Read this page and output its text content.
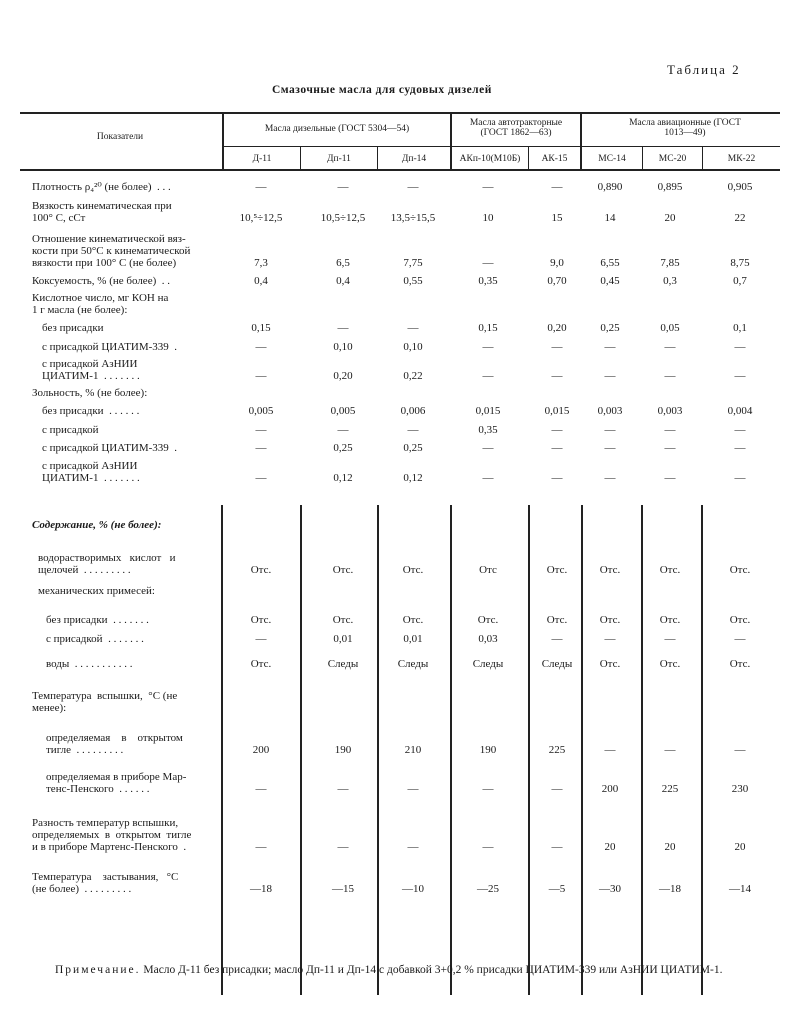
Таблица 2
Смазочные масла для судовых дизелей
Показатели
Масла дизельные (ГОСТ 5304—54)
Масла автотракторные (ГОСТ 1862—63)
Масла авиационные (ГОСТ 1013—49)
Д-11	Дп-11	Дп-14	АКп-10(М10Б)	АК-15	МС-14	МС-20	МК-22
Плотность ρ₄²⁰ (не более)  . . .	—	—	—	—	—	0,890	0,895	0,905
Вязкость кинематическая при
100° С, сСт	10,⁵÷12,5	10,5÷12,5	13,5÷15,5	10	15	14	20	22
Отношение кинематической вяз-
кости при 50°С к кинематической
вязкости при 100° С (не более)	7,3	6,5	7,75	—	9,0	6,55	7,85	8,75
Коксуемость, % (не более)  . .	0,4	0,4	0,55	0,35	0,70	0,45	0,3	0,7
Кислотное число, мг КОН на
1 г масла (не более):
без присадки	0,15	—	—	0,15	0,20	0,25	0,05	0,1
с присадкой ЦИАТИМ-339  .	—	0,10	0,10	—	—	—	—	—
с присадкой АзНИИ
ЦИАТИМ-1  . . . . . . .	—	0,20	0,22	—	—	—	—	—
Зольность, % (не более):
без присадки  . . . . . .	0,005	0,005	0,006	0,015	0,015	0,003	0,003	0,004
с присадкой	—	—	—	0,35	—	—	—	—
с присадкой ЦИАТИМ-339  .	—	0,25	0,25	—	—	—	—	—
с присадкой АзНИИ
ЦИАТИМ-1  . . . . . . .	—	0,12	0,12	—	—	—	—	—
Содержание, % (не более):
водорастворимых   кислот   и
щелочей  . . . . . . . . .	Отс.	Отс.	Отс.	Отс	Отс.	Отс.	Отс.	Отс.
механических примесей:
без присадки  . . . . . . .	Отс.	Отс.	Отс.	Отс.	Отс.	Отс.	Отс.	Отс.
с присадкой  . . . . . . .	—	0,01	0,01	0,03	—	—	—	—
воды  . . . . . . . . . . .	Отс.	Следы	Следы	Следы	Следы	Отс.	Отс.	Отс.
Температура  вспышки,  °С (не
менее):
определяемая    в    открытом
тигле  . . . . . . . . .	200	190	210	190	225	—	—	—
определяемая в приборе Мар-
тенс-Пенского  . . . . . .	—	—	—	—	—	200	225	230
Разность температур вспышки,
определяемых  в  открытом  тигле
и в приборе Мартенс-Пенского  .	—	—	—	—	—	20	20	20
Температура    застывания,   °С
(не более)  . . . . . . . . .	—18	—15	—10	—25	—5	—30	—18	—14
Примечание. Масло Д-11 без присадки; масло Дп-11 и Дп-14 с добавкой 3+0,2 % присадки ЦИАТИМ-339 или АзНИИ ЦИАТИМ-1.
